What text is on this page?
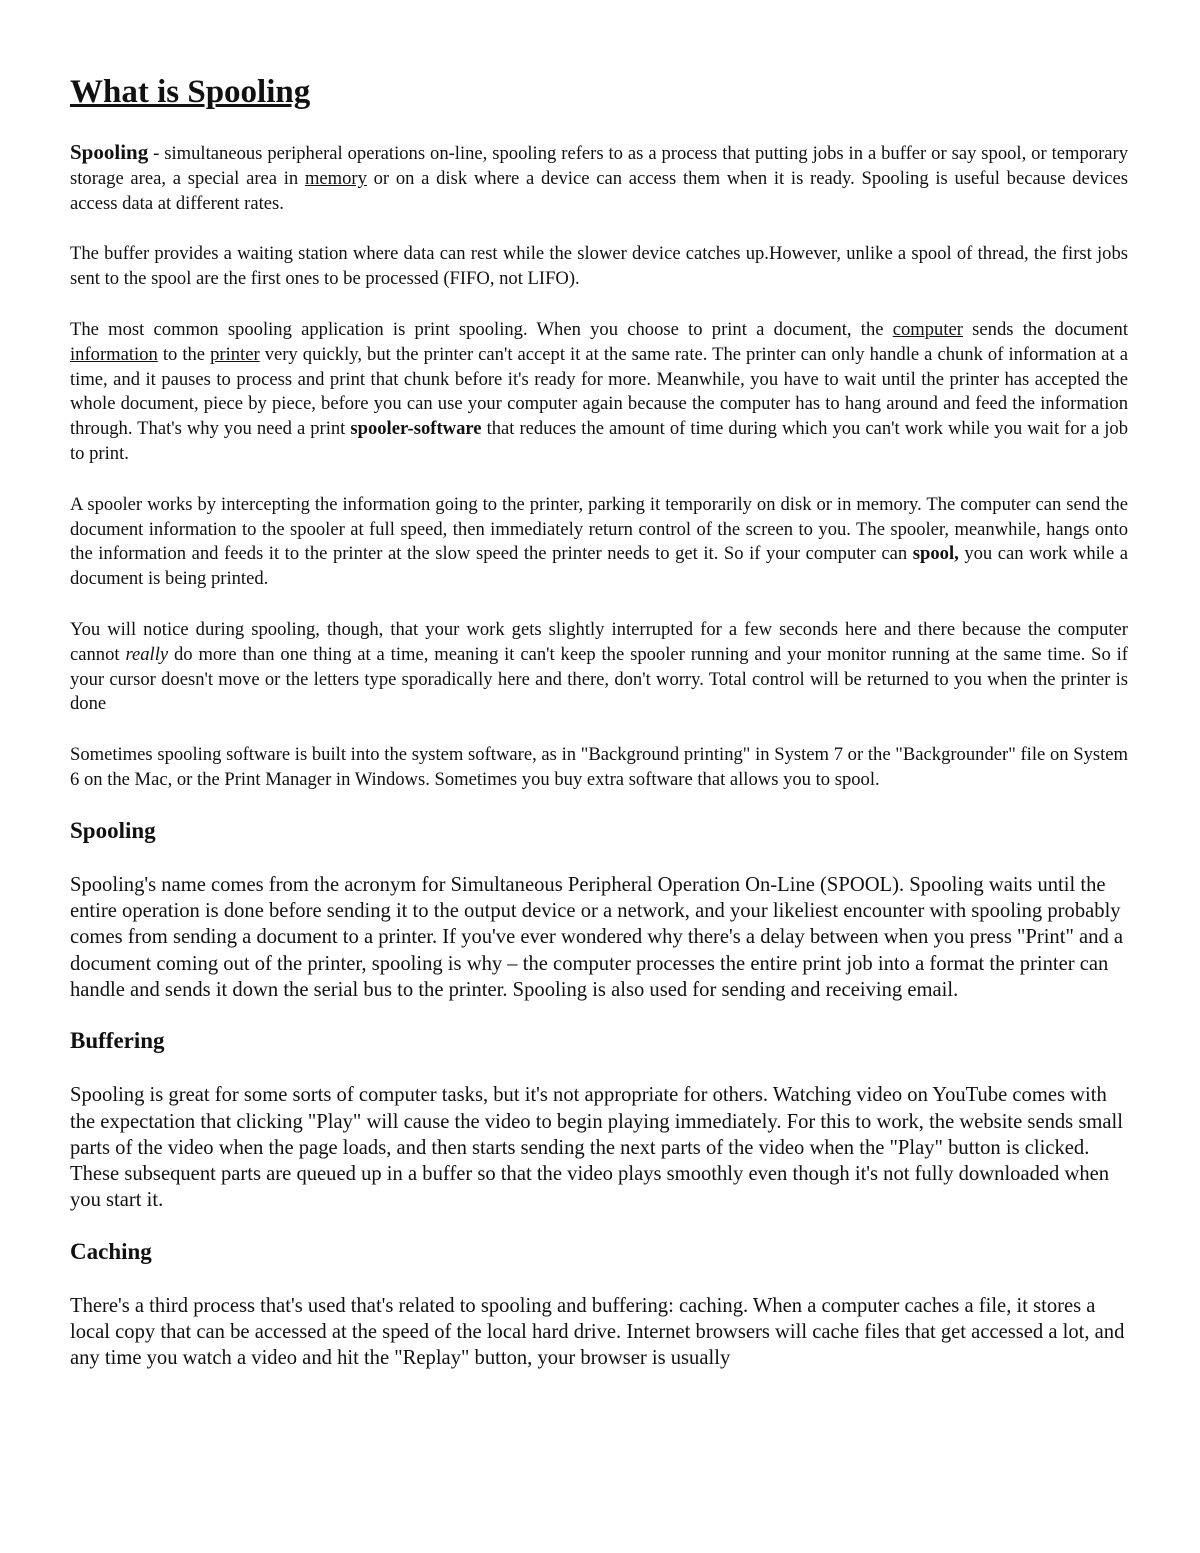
What is Spooling

Spooling - simultaneous peripheral operations on-line, spooling refers to as a process that putting jobs in a buffer or say spool, or temporary storage area, a special area in memory or on a disk where a device can access them when it is ready. Spooling is useful because devices access data at different rates.

The buffer provides a waiting station where data can rest while the slower device catches up.However, unlike a spool of thread, the first jobs sent to the spool are the first ones to be processed (FIFO, not LIFO).

The most common spooling application is print spooling. When you choose to print a document, the computer sends the document information to the printer very quickly, but the printer can't accept it at the same rate. The printer can only handle a chunk of information at a time, and it pauses to process and print that chunk before it's ready for more. Meanwhile, you have to wait until the printer has accepted the whole document, piece by piece, before you can use your computer again because the computer has to hang around and feed the information through. That's why you need a print spooler-software that reduces the amount of time during which you can't work while you wait for a job to print.

A spooler works by intercepting the information going to the printer, parking it temporarily on disk or in memory. The computer can send the document information to the spooler at full speed, then immediately return control of the screen to you. The spooler, meanwhile, hangs onto the information and feeds it to the printer at the slow speed the printer needs to get it. So if your computer can spool, you can work while a document is being printed.

You will notice during spooling, though, that your work gets slightly interrupted for a few seconds here and there because the computer cannot really do more than one thing at a time, meaning it can't keep the spooler running and your monitor running at the same time. So if your cursor doesn't move or the letters type sporadically here and there, don't worry. Total control will be returned to you when the printer is done

Sometimes spooling software is built into the system software, as in "Background printing" in System 7 or the "Backgrounder" file on System 6 on the Mac, or the Print Manager in Windows. Sometimes you buy extra software that allows you to spool.

Spooling

Spooling's name comes from the acronym for Simultaneous Peripheral Operation On-Line (SPOOL). Spooling waits until the entire operation is done before sending it to the output device or a network, and your likeliest encounter with spooling probably comes from sending a document to a printer. If you've ever wondered why there's a delay between when you press "Print" and a document coming out of the printer, spooling is why – the computer processes the entire print job into a format the printer can handle and sends it down the serial bus to the printer. Spooling is also used for sending and receiving email.

Buffering

Spooling is great for some sorts of computer tasks, but it's not appropriate for others. Watching video on YouTube comes with the expectation that clicking "Play" will cause the video to begin playing immediately. For this to work, the website sends small parts of the video when the page loads, and then starts sending the next parts of the video when the "Play" button is clicked. These subsequent parts are queued up in a buffer so that the video plays smoothly even though it's not fully downloaded when you start it.

Caching

There's a third process that's used that's related to spooling and buffering: caching. When a computer caches a file, it stores a local copy that can be accessed at the speed of the local hard drive. Internet browsers will cache files that get accessed a lot, and any time you watch a video and hit the "Replay" button, your browser is usually
